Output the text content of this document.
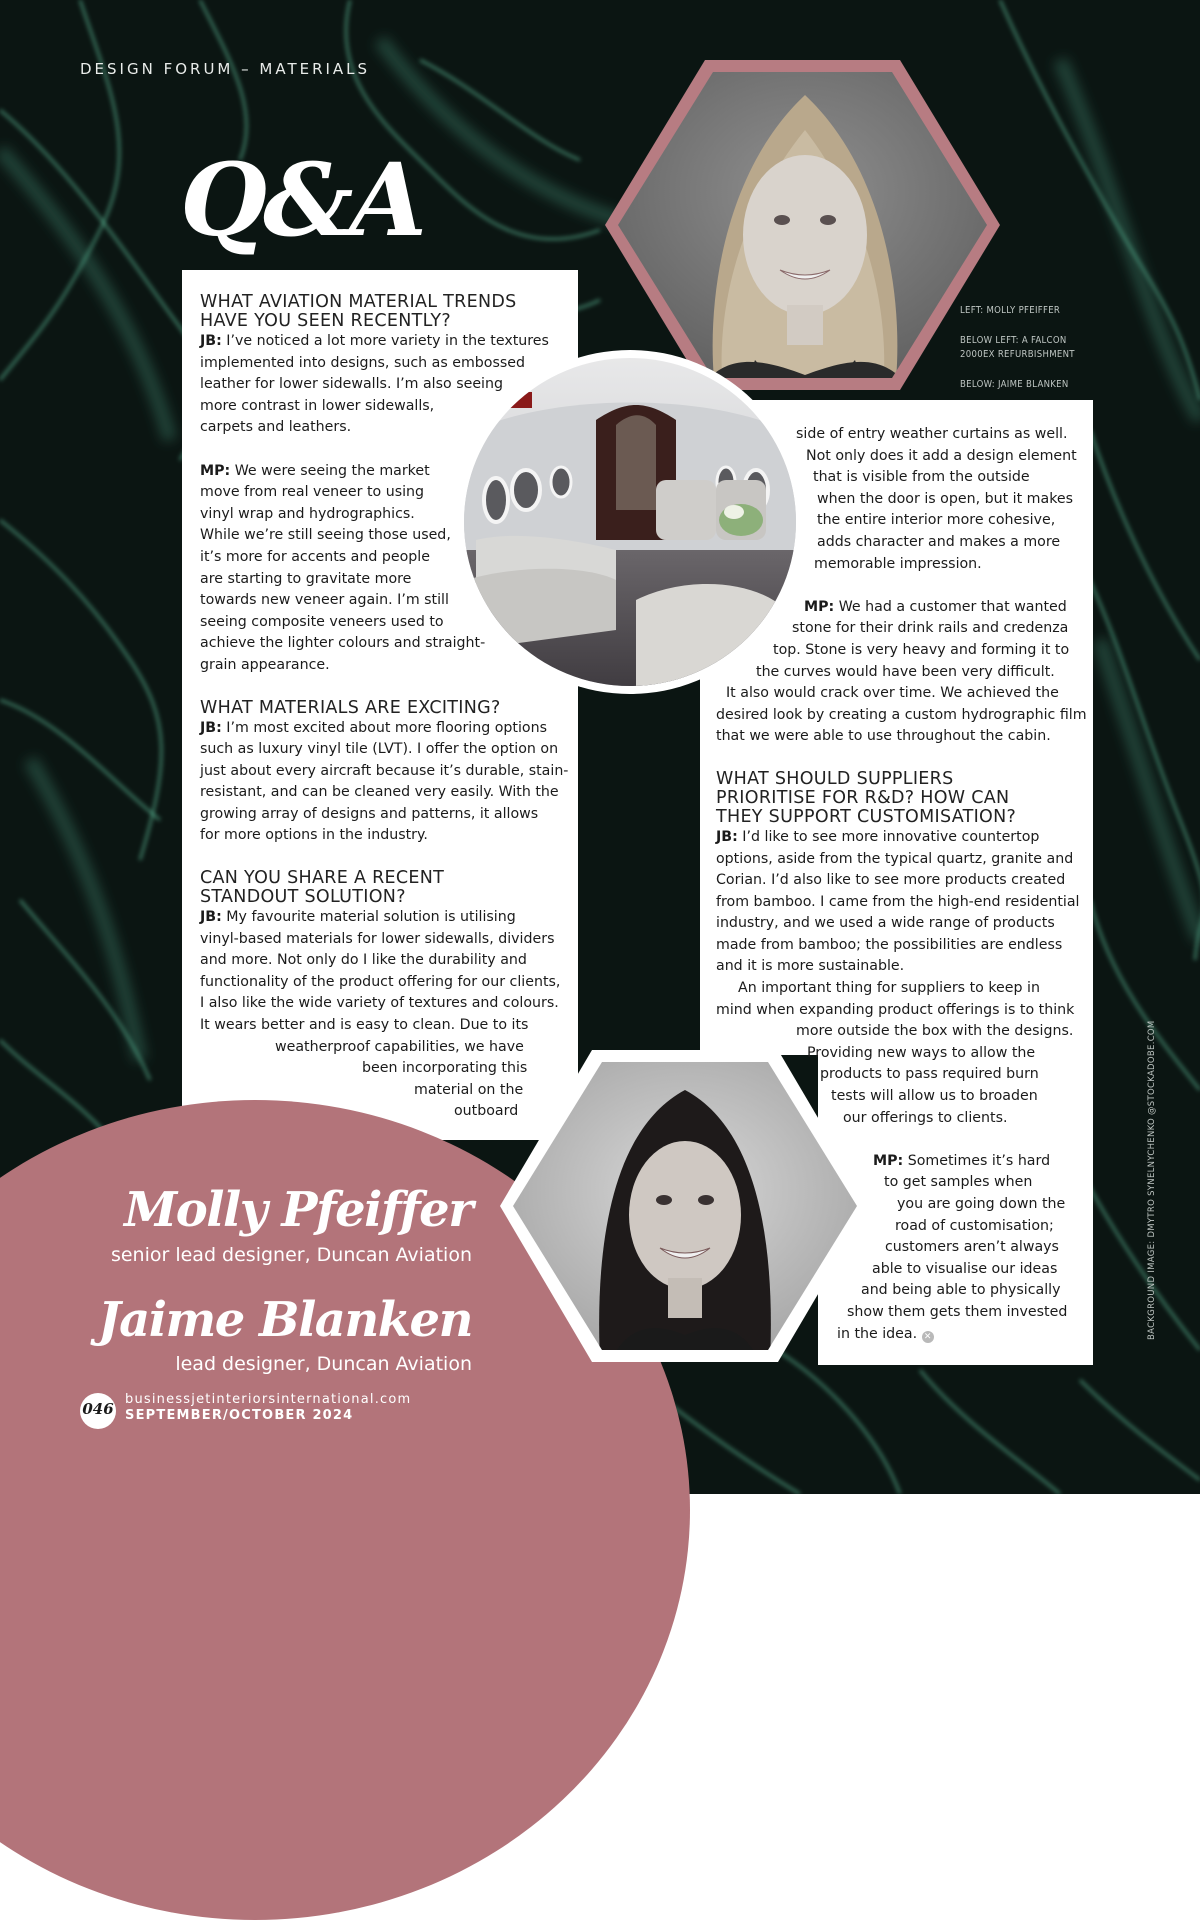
DESIGN FORUM – MATERIALS
Q&A
LEFT: MOLLY PFEIFFER
BELOW LEFT: A FALCON
2000EX REFURBISHMENT
BELOW: JAIME BLANKEN
WHAT AVIATION MATERIAL TRENDS
HAVE YOU SEEN RECENTLY?

JB: I’ve noticed a lot more variety in the textures
implemented into designs, such as embossed
leather for lower sidewalls. I’m also seeing
more contrast in lower sidewalls,
carpets and leathers.

MP: We were seeing the market
move from real veneer to using
vinyl wrap and hydrographics.
While we’re still seeing those used,
it’s more for accents and people
are starting to gravitate more
towards new veneer again. I’m still
seeing composite veneers used to
achieve the lighter colours and straight-
grain appearance.

WHAT MATERIALS ARE EXCITING?

JB: I’m most excited about more flooring options
such as luxury vinyl tile (LVT). I offer the option on
just about every aircraft because it’s durable, stain-
resistant, and can be cleaned very easily. With the
growing array of designs and patterns, it allows
for more options in the industry.

CAN YOU SHARE A RECENT
STANDOUT SOLUTION?

JB: My favourite material solution is utilising
vinyl-based materials for lower sidewalls, dividers
and more. Not only do I like the durability and
functionality of the product offering for our clients,
I also like the wide variety of textures and colours.
It wears better and is easy to clean. Due to its
weatherproof capabilities, we have
been incorporating this
material on the
outboard

Molly Pfeiffer
senior lead designer, Duncan Aviation
Jaime Blanken
lead designer, Duncan Aviation

side of entry weather curtains as well.
Not only does it add a design element
that is visible from the outside
when the door is open, but it makes
the entire interior more cohesive,
adds character and makes a more
memorable impression.

MP: We had a customer that wanted
stone for their drink rails and credenza
top. Stone is very heavy and forming it to
the curves would have been very difficult.
It also would crack over time. We achieved the
desired look by creating a custom hydrographic film
that we were able to use throughout the cabin.

WHAT SHOULD SUPPLIERS
PRIORITISE FOR R&D? HOW CAN
THEY SUPPORT CUSTOMISATION?

JB: I’d like to see more innovative countertop
options, aside from the typical quartz, granite and
Corian. I’d also like to see more products created
from bamboo. I came from the high-end residential
industry, and we used a wide range of products
made from bamboo; the possibilities are endless
and it is more sustainable.

An important thing for suppliers to keep in
mind when expanding product offerings is to think
more outside the box with the designs.
Providing new ways to allow the
products to pass required burn
tests will allow us to broaden
our offerings to clients.

MP: Sometimes it’s hard
to get samples when
you are going down the
road of customisation;
customers aren’t always
able to visualise our ideas
and being able to physically
show them gets them invested
in the idea. ✕

046
businessjetinteriorsinternational.com
SEPTEMBER/OCTOBER 2024
BACKGROUND IMAGE: DMYTRO SYNELNYCHENKO @STOCKADOBE.COM
